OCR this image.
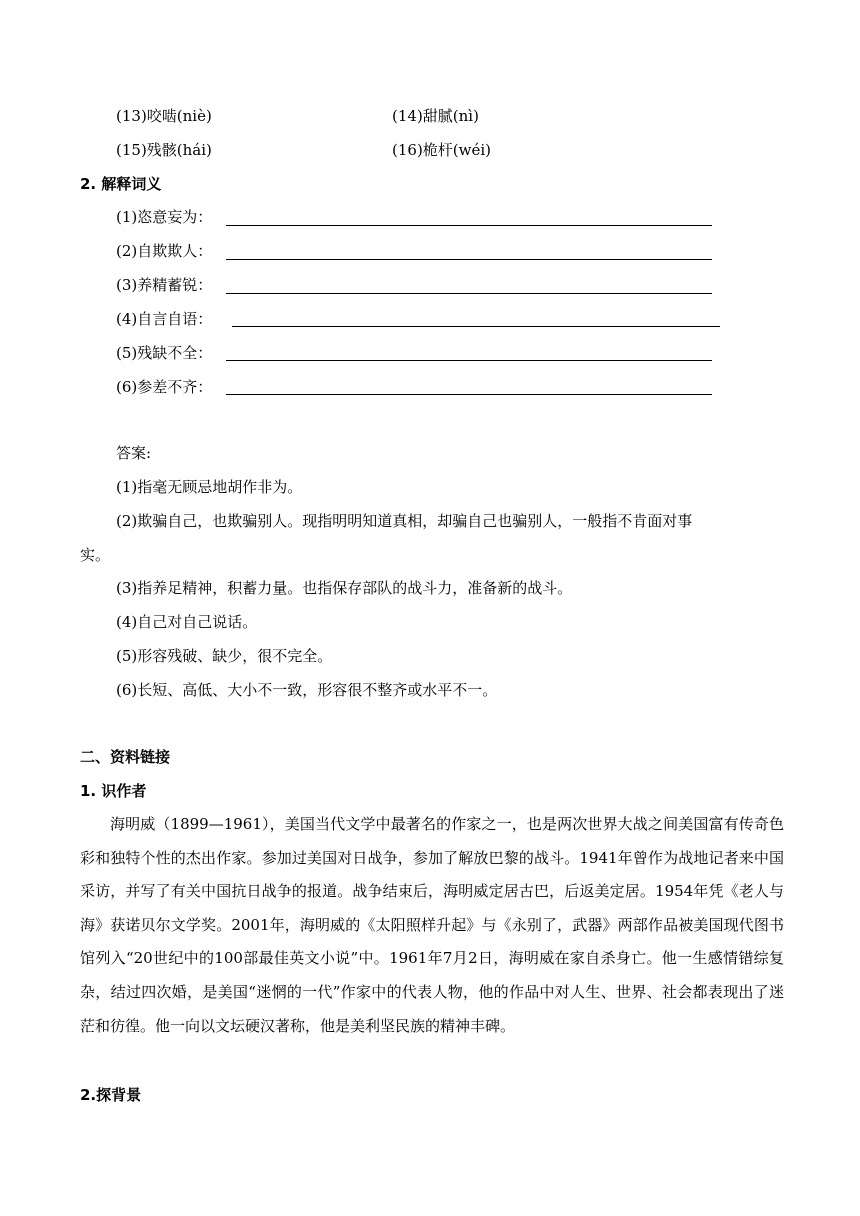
(13)咬啮(niè)	(14)甜腻(nì)
(15)残骸(hái)	(16)桅杆(wéi)
2. 解释词义
(1)恣意妄为：
(2)自欺欺人：
(3)养精蓄锐：
(4)自言自语：
(5)残缺不全：
(6)参差不齐：
答案:
(1)指毫无顾忌地胡作非为。
(2)欺骗自己，也欺骗别人。现指明明知道真相，却骗自己也骗别人，一般指不肯面对事
实。
(3)指养足精神，积蓄力量。也指保存部队的战斗力，准备新的战斗。
(4)自己对自己说话。
(5)形容残破、缺少，很不完全。
(6)长短、高低、大小不一致，形容很不整齐或水平不一。
二、资料链接
1. 识作者
海明威（1899—1961），美国当代文学中最著名的作家之一，也是两次世界大战之间美国富有传奇色彩和独特个性的杰出作家。参加过美国对日战争，参加了解放巴黎的战斗。1941年曾作为战地记者来中国采访，并写了有关中国抗日战争的报道。战争结束后，海明威定居古巴，后返美定居。1954年凭《老人与海》获诺贝尔文学奖。2001年，海明威的《太阳照样升起》与《永别了，武器》两部作品被美国现代图书馆列入“20世纪中的100部最佳英文小说”中。1961年7月2日，海明威在家自杀身亡。他一生感情错综复杂，结过四次婚，是美国“迷惘的一代”作家中的代表人物，他的作品中对人生、世界、社会都表现出了迷茫和彷徨。他一向以文坛硬汉著称，他是美利坚民族的精神丰碑。
2.探背景
